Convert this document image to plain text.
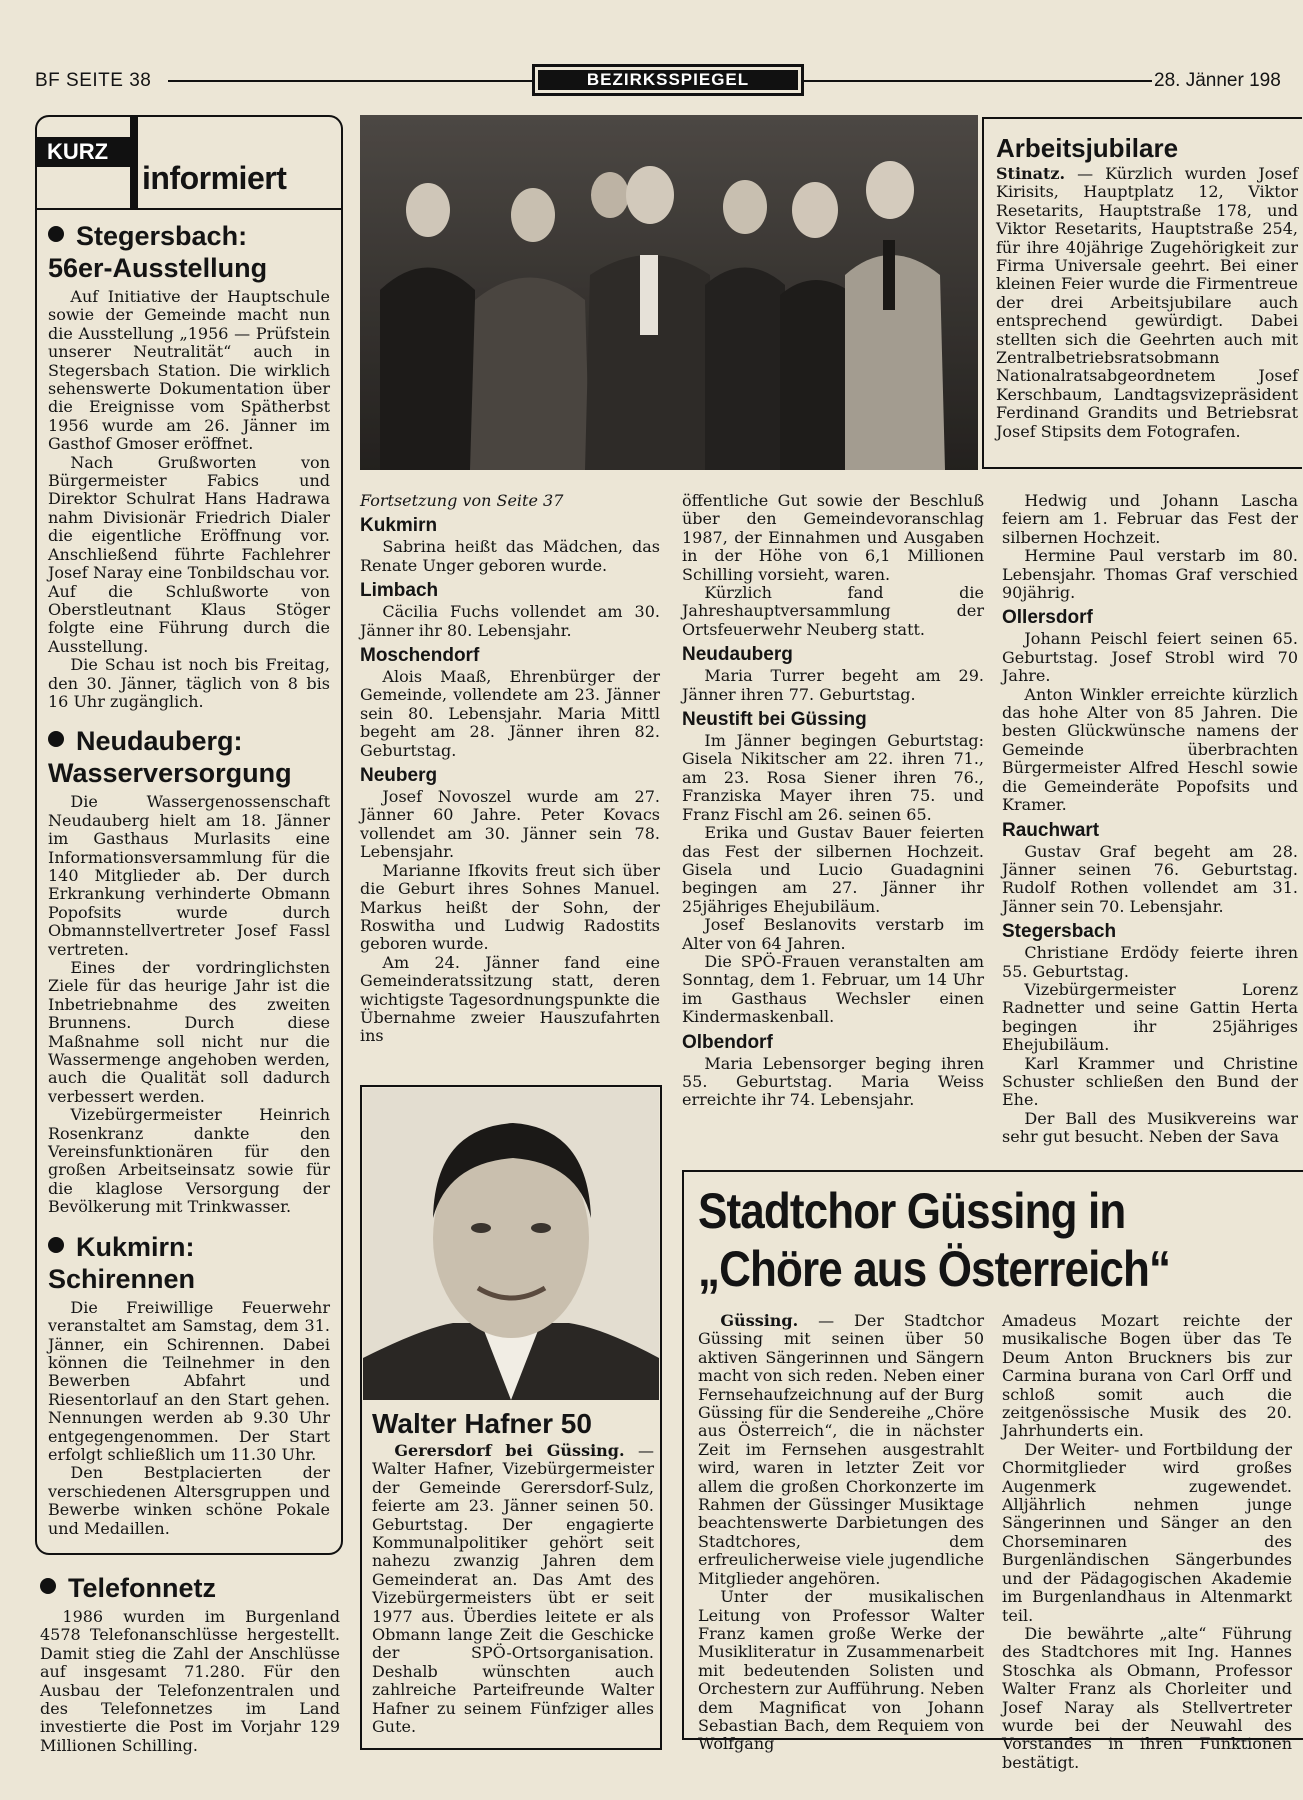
BF SEITE 38	BEZIRKSSPIEGEL	28. Jänner 198
KURZ
informiert
Stegersbach:
56er-Ausstellung

Auf Initiative der Hauptschule sowie der Gemeinde macht nun die Ausstellung „1956 — Prüfstein unserer Neutralität“ auch in Stegersbach Station. Die wirklich sehenswerte Dokumentation über die Ereignisse vom Spätherbst 1956 wurde am 26. Jänner im Gasthof Gmoser eröffnet.

Nach Grußworten von Bürgermeister Fabics und Direktor Schulrat Hans Hadrawa nahm Divisionär Friedrich Dialer die eigentliche Eröffnung vor. Anschließend führte Fachlehrer Josef Naray eine Tonbildschau vor. Auf die Schlußworte von Oberstleutnant Klaus Stöger folgte eine Führung durch die Ausstellung.

Die Schau ist noch bis Freitag, den 30. Jänner, täglich von 8 bis 16 Uhr zugänglich.

Neudauberg:
Wasserversorgung

Die Wassergenossenschaft Neudauberg hielt am 18. Jänner im Gasthaus Murlasits eine Informationsversammlung für die 140 Mitglieder ab. Der durch Erkrankung verhinderte Obmann Popofsits wurde durch Obmannstellvertreter Josef Fassl vertreten.

Eines der vordringlichsten Ziele für das heurige Jahr ist die Inbetriebnahme des zweiten Brunnens. Durch diese Maßnahme soll nicht nur die Wassermenge angehoben werden, auch die Qualität soll dadurch verbessert werden.

Vizebürgermeister Heinrich Rosenkranz dankte den Vereinsfunktionären für den großen Arbeitseinsatz sowie für die klaglose Versorgung der Bevölkerung mit Trinkwasser.

Kukmirn:
Schirennen

Die Freiwillige Feuerwehr veranstaltet am Samstag, dem 31. Jänner, ein Schirennen. Dabei können die Teilnehmer in den Bewerben Abfahrt und Riesentorlauf an den Start gehen. Nennungen werden ab 9.30 Uhr entgegengenommen. Der Start erfolgt schließlich um 11.30 Uhr.

Den Bestplacierten der verschiedenen Altersgruppen und Bewerbe winken schöne Pokale und Medaillen.

Telefonnetz

1986 wurden im Burgenland 4578 Telefonanschlüsse hergestellt. Damit stieg die Zahl der Anschlüsse auf insgesamt 71.280. Für den Ausbau der Telefonzentralen und des Telefonnetzes im Land investierte die Post im Vorjahr 129 Millionen Schilling.

Arbeitsjubilare

Stinatz. — Kürzlich wurden Josef Kirisits, Hauptplatz 12, Viktor Resetarits, Hauptstraße 178, und Viktor Resetarits, Hauptstraße 254, für ihre 40jährige Zugehörigkeit zur Firma Universale geehrt. Bei einer kleinen Feier wurde die Firmentreue der drei Arbeitsjubilare auch entsprechend gewürdigt. Dabei stellten sich die Geehrten auch mit Zentralbetriebsratsobmann Nationalratsabgeordnetem Josef Kerschbaum, Landtagsvizepräsident Ferdinand Grandits und Betriebsrat Josef Stipsits dem Fotografen.

Fortsetzung von Seite 37
Kukmirn

Sabrina heißt das Mädchen, das Renate Unger geboren wurde.

Limbach

Cäcilia Fuchs vollendet am 30. Jänner ihr 80. Lebensjahr.

Moschendorf

Alois Maaß, Ehrenbürger der Gemeinde, vollendete am 23. Jänner sein 80. Lebensjahr. Maria Mittl begeht am 28. Jänner ihren 82. Geburtstag.

Neuberg

Josef Novoszel wurde am 27. Jänner 60 Jahre. Peter Kovacs vollendet am 30. Jänner sein 78. Lebensjahr.

Marianne Ifkovits freut sich über die Geburt ihres Sohnes Manuel. Markus heißt der Sohn, der Roswitha und Ludwig Radostits geboren wurde.

Am 24. Jänner fand eine Gemeinderatssitzung statt, deren wichtigste Tagesordnungspunkte die Übernahme zweier Hauszufahrten ins

öffentliche Gut sowie der Beschluß über den Gemeindevoranschlag 1987, der Einnahmen und Ausgaben in der Höhe von 6,1 Millionen Schilling vorsieht, waren.

Kürzlich fand die Jahreshauptversammlung der Ortsfeuerwehr Neuberg statt.

Neudauberg

Maria Turrer begeht am 29. Jänner ihren 77. Geburtstag.

Neustift bei Güssing

Im Jänner begingen Geburtstag: Gisela Nikitscher am 22. ihren 71., am 23. Rosa Siener ihren 76., Franziska Mayer ihren 75. und Franz Fischl am 26. seinen 65.

Erika und Gustav Bauer feierten das Fest der silbernen Hochzeit. Gisela und Lucio Guadagnini begingen am 27. Jänner ihr 25jähriges Ehejubiläum.

Josef Beslanovits verstarb im Alter von 64 Jahren.

Die SPÖ-Frauen veranstalten am Sonntag, dem 1. Februar, um 14 Uhr im Gasthaus Wechsler einen Kindermaskenball.

Olbendorf

Maria Lebensorger beging ihren 55. Geburtstag. Maria Weiss erreichte ihr 74. Lebensjahr.

Hedwig und Johann Lascha feiern am 1. Februar das Fest der silbernen Hochzeit.

Hermine Paul verstarb im 80. Lebensjahr. Thomas Graf verschied 90jährig.

Ollersdorf

Johann Peischl feiert seinen 65. Geburtstag. Josef Strobl wird 70 Jahre.

Anton Winkler erreichte kürzlich das hohe Alter von 85 Jahren. Die besten Glückwünsche namens der Gemeinde überbrachten Bürgermeister Alfred Heschl sowie die Gemeinderäte Popofsits und Kramer.

Rauchwart

Gustav Graf begeht am 28. Jänner seinen 76. Geburtstag. Rudolf Rothen vollendet am 31. Jänner sein 70. Lebensjahr.

Stegersbach

Christiane Erdödy feierte ihren 55. Geburtstag.

Vizebürgermeister Lorenz Radnetter und seine Gattin Herta begingen ihr 25jähriges Ehejubiläum.

Karl Krammer und Christine Schuster schließen den Bund der Ehe.

Der Ball des Musikvereins war sehr gut besucht. Neben der Sava

Walter Hafner 50

Gerersdorf bei Güssing. — Walter Hafner, Vizebürgermeister der Gemeinde Gerersdorf-Sulz, feierte am 23. Jänner seinen 50. Geburtstag. Der engagierte Kommunalpolitiker gehört seit nahezu zwanzig Jahren dem Gemeinderat an. Das Amt des Vizebürgermeisters übt er seit 1977 aus. Überdies leitete er als Obmann lange Zeit die Geschicke der SPÖ-Ortsorganisation. Deshalb wünschten auch zahlreiche Parteifreunde Walter Hafner zu seinem Fünfziger alles Gute.

Stadtchor Güssing in
„Chöre aus Österreich“

Güssing. — Der Stadtchor Güssing mit seinen über 50 aktiven Sängerinnen und Sängern macht von sich reden. Neben einer Fernsehaufzeichnung auf der Burg Güssing für die Sendereihe „Chöre aus Österreich“, die in nächster Zeit im Fernsehen ausgestrahlt wird, waren in letzter Zeit vor allem die großen Chorkonzerte im Rahmen der Güssinger Musiktage beachtenswerte Darbietungen des Stadtchores, dem erfreulicherweise viele jugendliche Mitglieder angehören.

Unter der musikalischen Leitung von Professor Walter Franz kamen große Werke der Musikliteratur in Zusammenarbeit mit bedeutenden Solisten und Orchestern zur Aufführung. Neben dem Magnificat von Johann Sebastian Bach, dem Requiem von Wolfgang

Amadeus Mozart reichte der musikalische Bogen über das Te Deum Anton Bruckners bis zur Carmina burana von Carl Orff und schloß somit auch die zeitgenössische Musik des 20. Jahrhunderts ein.

Der Weiter- und Fortbildung der Chormitglieder wird großes Augenmerk zugewendet. Alljährlich nehmen junge Sängerinnen und Sänger an den Chorseminaren des Burgenländischen Sängerbundes und der Pädagogischen Akademie im Burgenlandhaus in Altenmarkt teil.

Die bewährte „alte“ Führung des Stadtchores mit Ing. Hannes Stoschka als Obmann, Professor Walter Franz als Chorleiter und Josef Naray als Stellvertreter wurde bei der Neuwahl des Vorstandes in ihren Funktionen bestätigt.
